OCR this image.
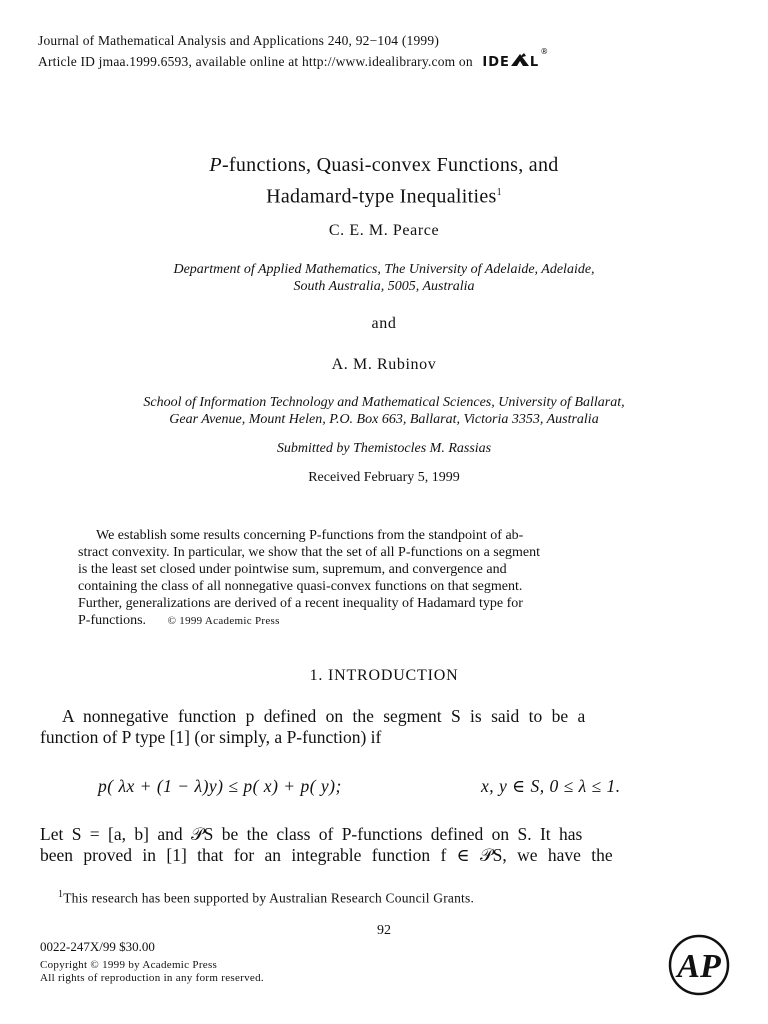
Journal of Mathematical Analysis and Applications 240, 92−104 (1999)
Article ID jmaa.1999.6593, available online at http://www.idealibrary.com on IDE L
®
P-functions, Quasi-convex Functions, and
Hadamard-type Inequalities$^1$
C. E. M. Pearce
Department of Applied Mathematics, The University of Adelaide, Adelaide,
South Australia, 5005, Australia
and
A. M. Rubinov
School of Information Technology and Mathematical Sciences, University of Ballarat,
Gear Avenue, Mount Helen, P.O. Box 663, Ballarat, Victoria 3353, Australia
Submitted by Themistocles M. Rassias
Received February 5, 1999
We establish some results concerning P-functions from the standpoint of ab-
stract convexity. In particular, we show that the set of all P-functions on a segment
is the least set closed under pointwise sum, supremum, and convergence and
containing the class of all nonnegative quasi-convex functions on that segment.
Further, generalizations are derived of a recent inequality of Hadamard type for
P-functions. © 1999 Academic Press
1. INTRODUCTION
A nonnegative function p defined on the segment S is said to be a
function of P type [1] (or simply, a P-function) if
p( λx + (1 − λ)y) ≤ p( x) + p( y);	x, y ∈ S, 0 ≤ λ ≤ 1.
Let S = [a, b] and 𝒫S be the class of P-functions defined on S. It has
been proved in [1] that for an integrable function f ∈ 𝒫S, we have the
$^1$This research has been supported by Australian Research Council Grants.
92
0022-247X/99 $30.00
Copyright © 1999 by Academic Press
All rights of reproduction in any form reserved.	AP
